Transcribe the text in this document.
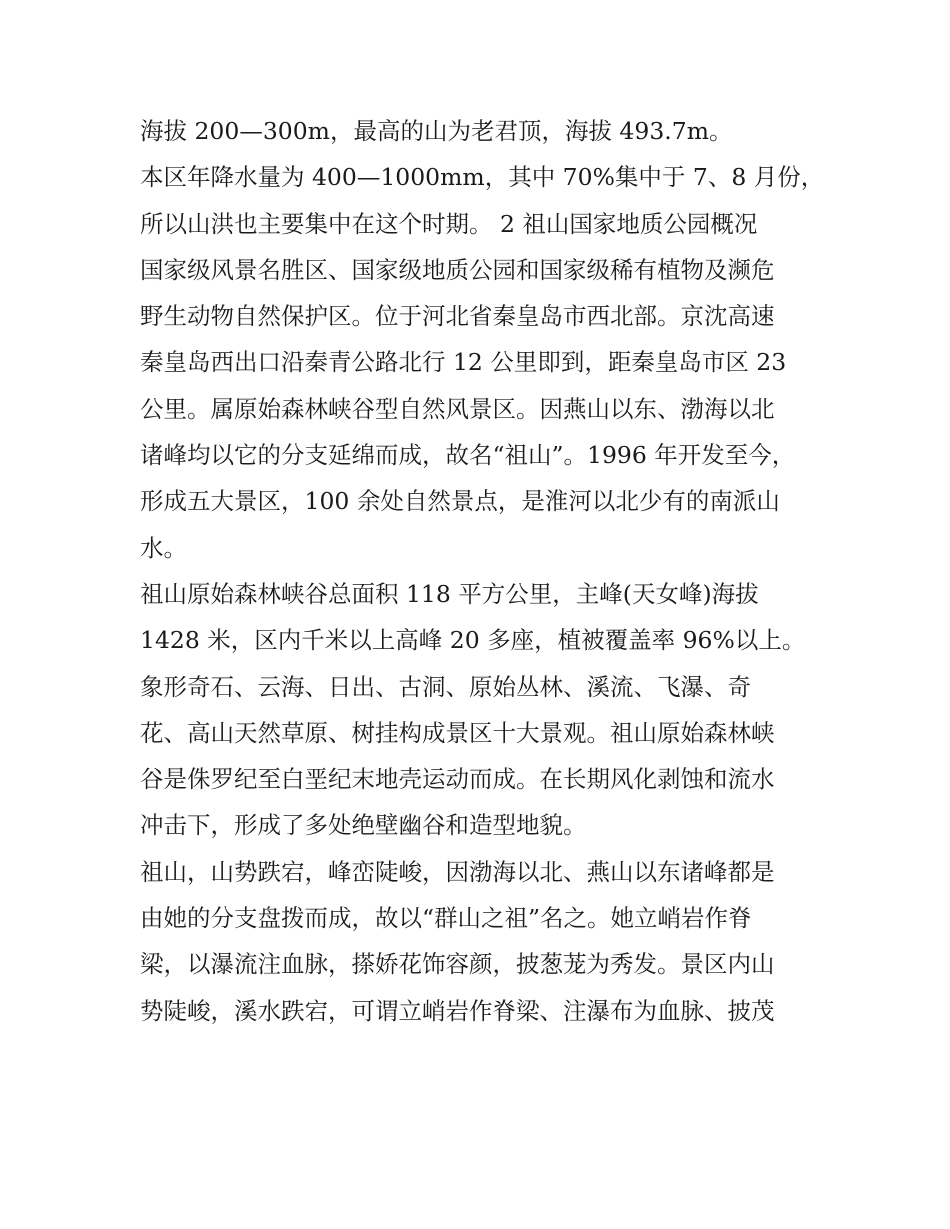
海拔 200—300m，最高的山为老君顶，海拔 493.7m。
本区年降水量为 400—1000mm，其中 70%集中于 7、8 月份，
所以山洪也主要集中在这个时期。 2 祖山国家地质公园概况
国家级风景名胜区、国家级地质公园和国家级稀有植物及濒危
野生动物自然保护区。位于河北省秦皇岛市西北部。京沈高速
秦皇岛西出口沿秦青公路北行 12 公里即到，距秦皇岛市区 23
公里。属原始森林峡谷型自然风景区。因燕山以东、渤海以北
诸峰均以它的分支延绵而成，故名“祖山”。1996 年开发至今，
形成五大景区，100 余处自然景点，是淮河以北少有的南派山
水。
祖山原始森林峡谷总面积 118 平方公里，主峰(天女峰)海拔
1428 米，区内千米以上高峰 20 多座，植被覆盖率 96%以上。
象形奇石、云海、日出、古洞、原始丛林、溪流、飞瀑、奇
花、高山天然草原、树挂构成景区十大景观。祖山原始森林峡
谷是侏罗纪至白垩纪末地壳运动而成。在长期风化剥蚀和流水
冲击下，形成了多处绝壁幽谷和造型地貌。
祖山，山势跌宕，峰峦陡峻，因渤海以北、燕山以东诸峰都是
由她的分支盘拨而成，故以“群山之祖”名之。她立峭岩作脊
梁，以瀑流注血脉，搽娇花饰容颜，披葱茏为秀发。景区内山
势陡峻，溪水跌宕，可谓立峭岩作脊梁、注瀑布为血脉、披茂
